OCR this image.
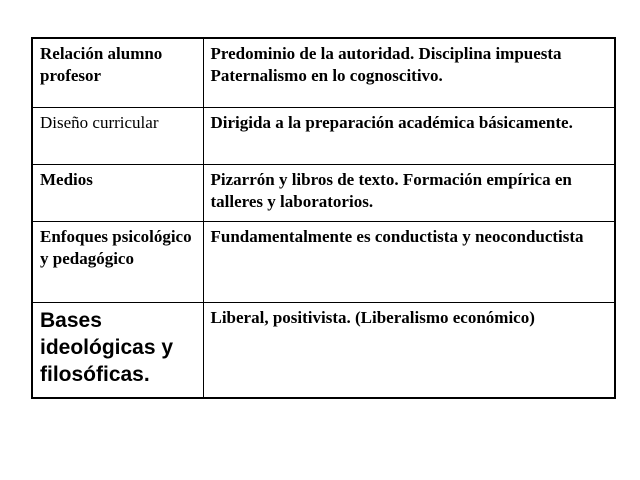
Relación alumno profesor	Predominio de la autoridad. Disciplina impuesta Paternalismo en lo cognoscitivo.
Diseño curricular	Dirigida a la preparación académica básicamente.
Medios	Pizarrón y libros de texto. Formación empírica en talleres y laboratorios.
Enfoques psicológico y pedagógico	Fundamentalmente es conductista y neoconductista
Bases ideológicas y filosóficas.	Liberal, positivista. (Liberalismo económico)
